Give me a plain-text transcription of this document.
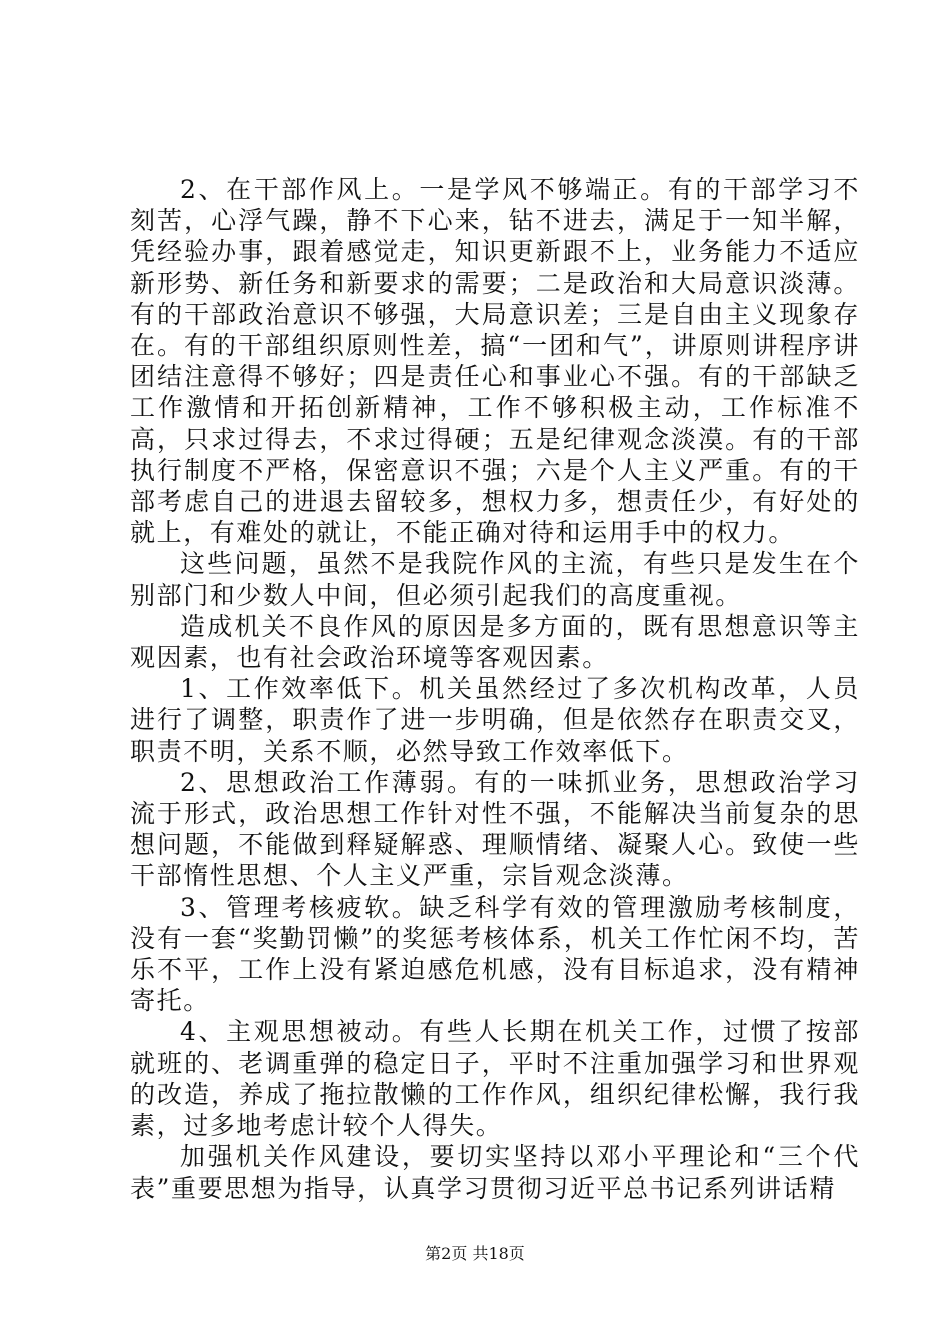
2、在干部作风上。一是学风不够端正。有的干部学习不刻苦，心浮气躁，静不下心来，钻不进去，满足于一知半解，凭经验办事，跟着感觉走，知识更新跟不上，业务能力不适应新形势、新任务和新要求的需要；二是政治和大局意识淡薄。有的干部政治意识不够强，大局意识差；三是自由主义现象存在。有的干部组织原则性差，搞“一团和气”，讲原则讲程序讲团结注意得不够好；四是责任心和事业心不强。有的干部缺乏工作激情和开拓创新精神，工作不够积极主动，工作标准不高，只求过得去，不求过得硬；五是纪律观念淡漠。有的干部执行制度不严格，保密意识不强；六是个人主义严重。有的干部考虑自己的进退去留较多，想权力多，想责任少，有好处的就上，有难处的就让，不能正确对待和运用手中的权力。

这些问题，虽然不是我院作风的主流，有些只是发生在个别部门和少数人中间，但必须引起我们的高度重视。

造成机关不良作风的原因是多方面的，既有思想意识等主观因素，也有社会政治环境等客观因素。

1、工作效率低下。机关虽然经过了多次机构改革，人员进行了调整，职责作了进一步明确，但是依然存在职责交叉，职责不明，关系不顺，必然导致工作效率低下。

2、思想政治工作薄弱。有的一味抓业务，思想政治学习流于形式，政治思想工作针对性不强，不能解决当前复杂的思想问题，不能做到释疑解惑、理顺情绪、凝聚人心。致使一些干部惰性思想、个人主义严重，宗旨观念淡薄。

3、管理考核疲软。缺乏科学有效的管理激励考核制度，没有一套“奖勤罚懒”的奖惩考核体系，机关工作忙闲不均，苦乐不平，工作上没有紧迫感危机感，没有目标追求，没有精神寄托。

4、主观思想被动。有些人长期在机关工作，过惯了按部就班的、老调重弹的稳定日子，平时不注重加强学习和世界观的改造，养成了拖拉散懒的工作作风，组织纪律松懈，我行我素，过多地考虑计较个人得失。

加强机关作风建设，要切实坚持以邓小平理论和“三个代表”重要思想为指导，认真学习贯彻习近平总书记系列讲话精

第2页 共18页
